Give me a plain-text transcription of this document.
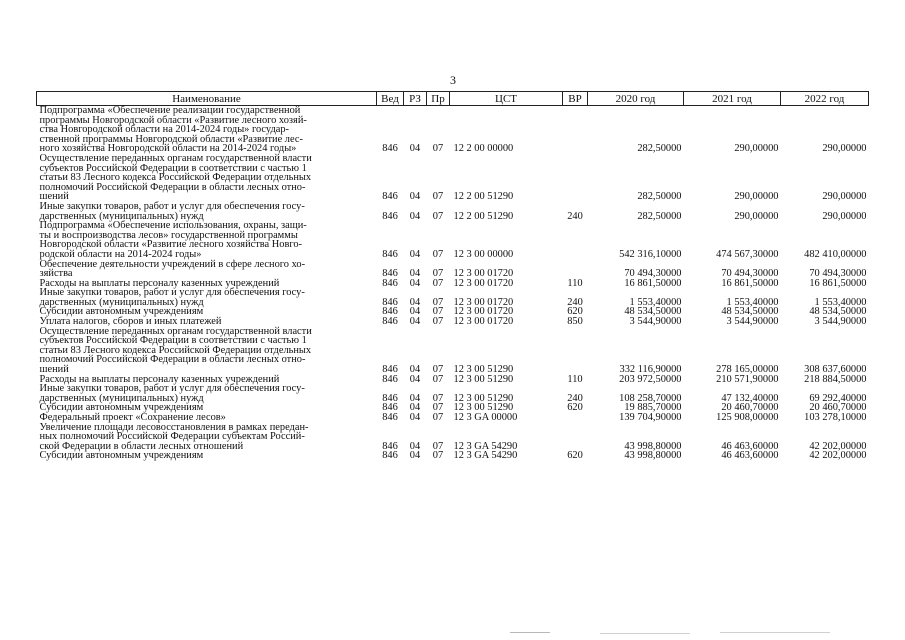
3
Наименование	Вед	РЗ	Пр	ЦСТ	ВР	2020 год	2021 год	2022 год

Подпрограмма «Обеспечение реализации государственной
программы Новгородской области «Развитие лесного хозяй-
ства Новгородской области на 2014-2024 годы» государ-
ственной программы Новгородской области «Развитие лес-
ного хозяйства Новгородской области на 2014-2024 годы»	846	04	07	12 2 00 00000		282,50000	290,00000	290,00000

Осуществление переданных органам государственной власти
субъектов Российской Федерации в соответствии с частью 1
статьи 83 Лесного кодекса Российской Федерации отдельных
полномочий Российской Федерации в области лесных отно-
шений	846	04	07	12 2 00 51290		282,50000	290,00000	290,00000

Иные закупки товаров, работ и услуг для обеспечения госу-
дарственных (муниципальных) нужд	846	04	07	12 2 00 51290	240	282,50000	290,00000	290,00000

Подпрограмма «Обеспечение использования, охраны, защи-
ты и воспроизводства лесов» государственной программы
Новгородской области «Развитие лесного хозяйства Новго-
родской области на 2014-2024 годы»	846	04	07	12 3 00 00000		542 316,10000	474 567,30000	482 410,00000

Обеспечение деятельности учреждений в сфере лесного хо-
зяйства	846	04	07	12 3 00 01720		70 494,30000	70 494,30000	70 494,30000

Расходы на выплаты персоналу казенных учреждений	846	04	07	12 3 00 01720	110	16 861,50000	16 861,50000	16 861,50000

Иные закупки товаров, работ и услуг для обеспечения госу-
дарственных (муниципальных) нужд	846	04	07	12 3 00 01720	240	1 553,40000	1 553,40000	1 553,40000

Субсидии автономным учреждениям	846	04	07	12 3 00 01720	620	48 534,50000	48 534,50000	48 534,50000

Уплата налогов, сборов и иных платежей	846	04	07	12 3 00 01720	850	3 544,90000	3 544,90000	3 544,90000

Осуществление переданных органам государственной власти
субъектов Российской Федерации в соответствии с частью 1
статьи 83 Лесного кодекса Российской Федерации отдельных
полномочий Российской Федерации в области лесных отно-
шений	846	04	07	12 3 00 51290		332 116,90000	278 165,00000	308 637,60000

Расходы на выплаты персоналу казенных учреждений	846	04	07	12 3 00 51290	110	203 972,50000	210 571,90000	218 884,50000

Иные закупки товаров, работ и услуг для обеспечения госу-
дарственных (муниципальных) нужд	846	04	07	12 3 00 51290	240	108 258,70000	47 132,40000	69 292,40000

Субсидии автономным учреждениям	846	04	07	12 3 00 51290	620	19 885,70000	20 460,70000	20 460,70000

Федеральный проект «Сохранение лесов»	846	04	07	12 3 GA 00000		139 704,90000	125 908,00000	103 278,10000

Увеличение площади лесовосстановления в рамках передан-
ных полномочий Российской Федерации субъектам Россий-
ской Федерации в области лесных отношений	846	04	07	12 3 GA 54290		43 998,80000	46 463,60000	42 202,00000

Субсидии автономным учреждениям	846	04	07	12 3 GA 54290	620	43 998,80000	46 463,60000	42 202,00000
